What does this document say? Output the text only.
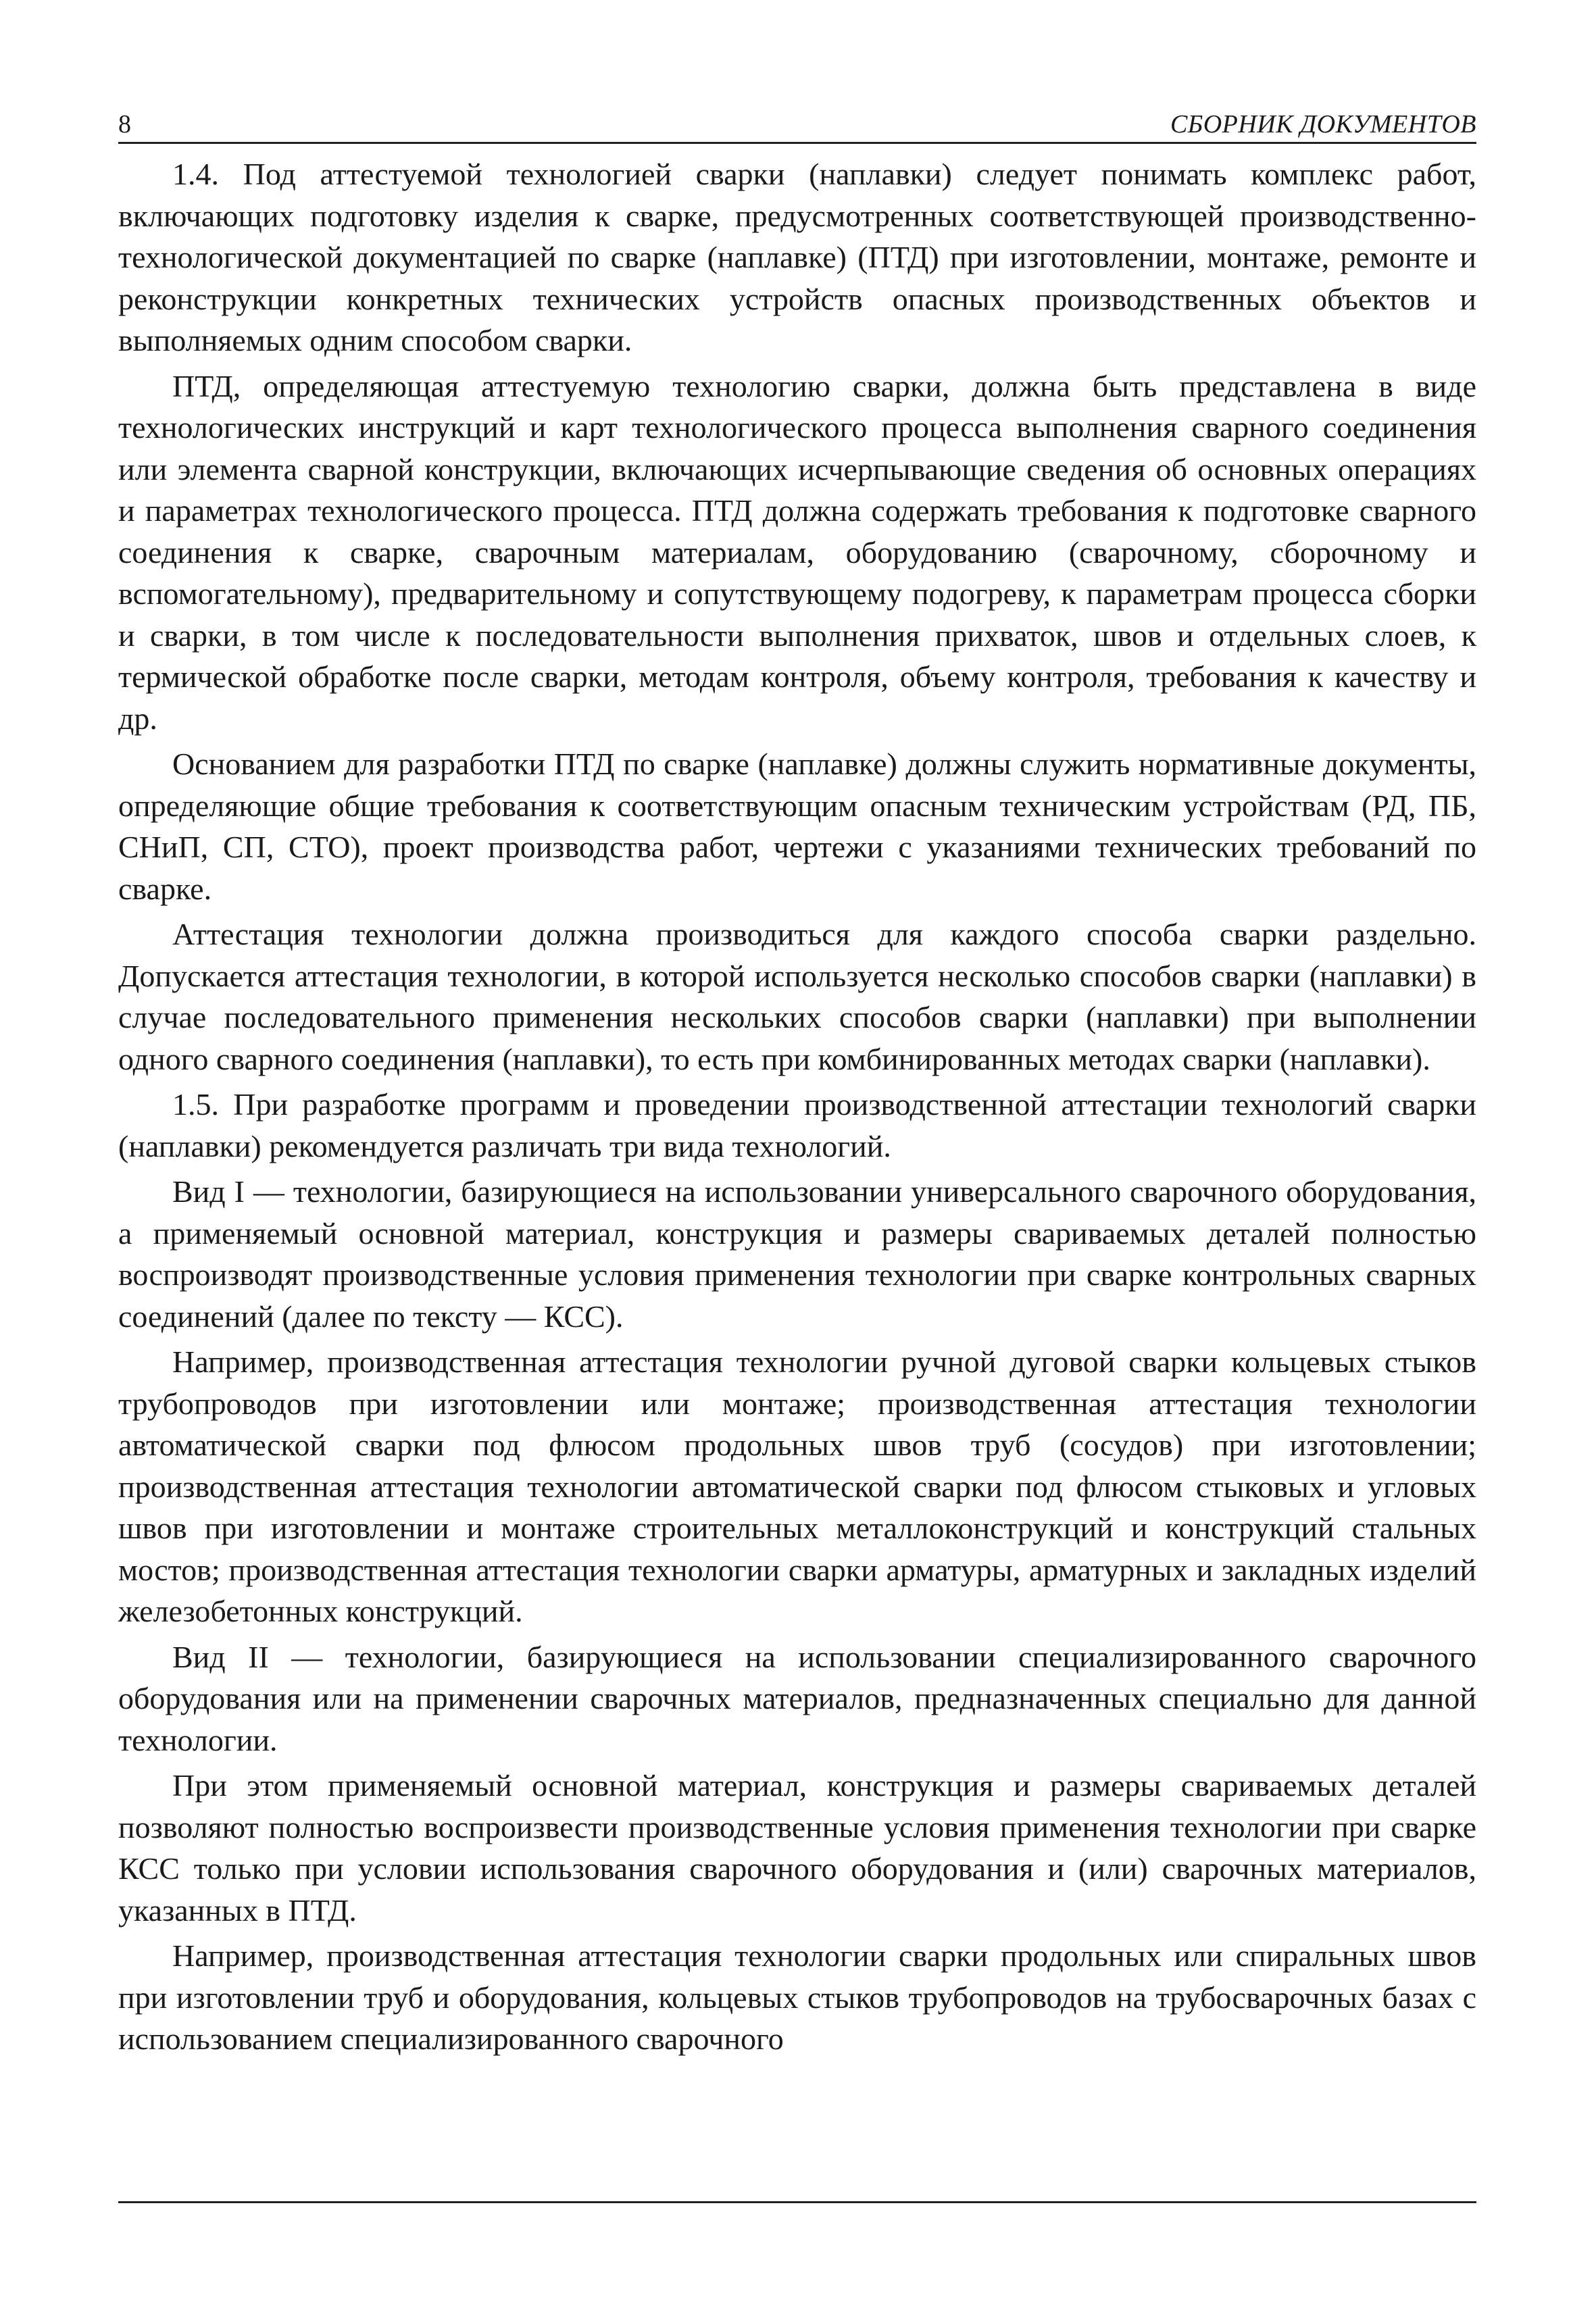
8	СБОРНИК ДОКУМЕНТОВ

1.4. Под аттестуемой технологией сварки (наплавки) следует понимать комплекс работ, включающих подготовку изделия к сварке, предусмотренных соответствующей производственно-технологической документацией по сварке (наплавке) (ПТД) при изготовлении, монтаже, ремонте и реконструкции конкретных технических устройств опасных производственных объектов и выполняемых одним способом сварки.

ПТД, определяющая аттестуемую технологию сварки, должна быть представлена в виде технологических инструкций и карт технологического процесса выполнения сварного соединения или элемента сварной конструкции, включающих исчерпывающие сведения об основных операциях и параметрах технологического процесса. ПТД должна содержать требования к подготовке сварного соединения к сварке, сварочным материалам, оборудованию (сварочному, сборочному и вспомогательному), предварительному и сопутствующему подогреву, к параметрам процесса сборки и сварки, в том числе к последовательности выполнения прихваток, швов и отдельных слоев, к термической обработке после сварки, методам контроля, объему контроля, требования к качеству и др.

Основанием для разработки ПТД по сварке (наплавке) должны служить нормативные документы, определяющие общие требования к соответствующим опасным техническим устройствам (РД, ПБ, СНиП, СП, СТО), проект производства работ, чертежи с указаниями технических требований по сварке.

Аттестация технологии должна производиться для каждого способа сварки раздельно. Допускается аттестация технологии, в которой используется несколько способов сварки (наплавки) в случае последовательного применения нескольких способов сварки (наплавки) при выполнении одного сварного соединения (наплавки), то есть при комбинированных методах сварки (наплавки).

1.5. При разработке программ и проведении производственной аттестации технологий сварки (наплавки) рекомендуется различать три вида технологий.

Вид I — технологии, базирующиеся на использовании универсального сварочного оборудования, а применяемый основной материал, конструкция и размеры свариваемых деталей полностью воспроизводят производственные условия применения технологии при сварке контрольных сварных соединений (далее по тексту — КСС).

Например, производственная аттестация технологии ручной дуговой сварки кольцевых стыков трубопроводов при изготовлении или монтаже; производственная аттестация технологии автоматической сварки под флюсом продольных швов труб (сосудов) при изготовлении; производственная аттестация технологии автоматической сварки под флюсом стыковых и угловых швов при изготовлении и монтаже строительных металлоконструкций и конструкций стальных мостов; производственная аттестация технологии сварки арматуры, арматурных и закладных изделий железобетонных конструкций.

Вид II — технологии, базирующиеся на использовании специализированного сварочного оборудования или на применении сварочных материалов, предназначенных специально для данной технологии.

При этом применяемый основной материал, конструкция и размеры свариваемых деталей позволяют полностью воспроизвести производственные условия применения технологии при сварке КСС только при условии использования сварочного оборудования и (или) сварочных материалов, указанных в ПТД.

Например, производственная аттестация технологии сварки продольных или спиральных швов при изготовлении труб и оборудования, кольцевых стыков трубопроводов на трубосварочных базах с использованием специализированного сварочного
